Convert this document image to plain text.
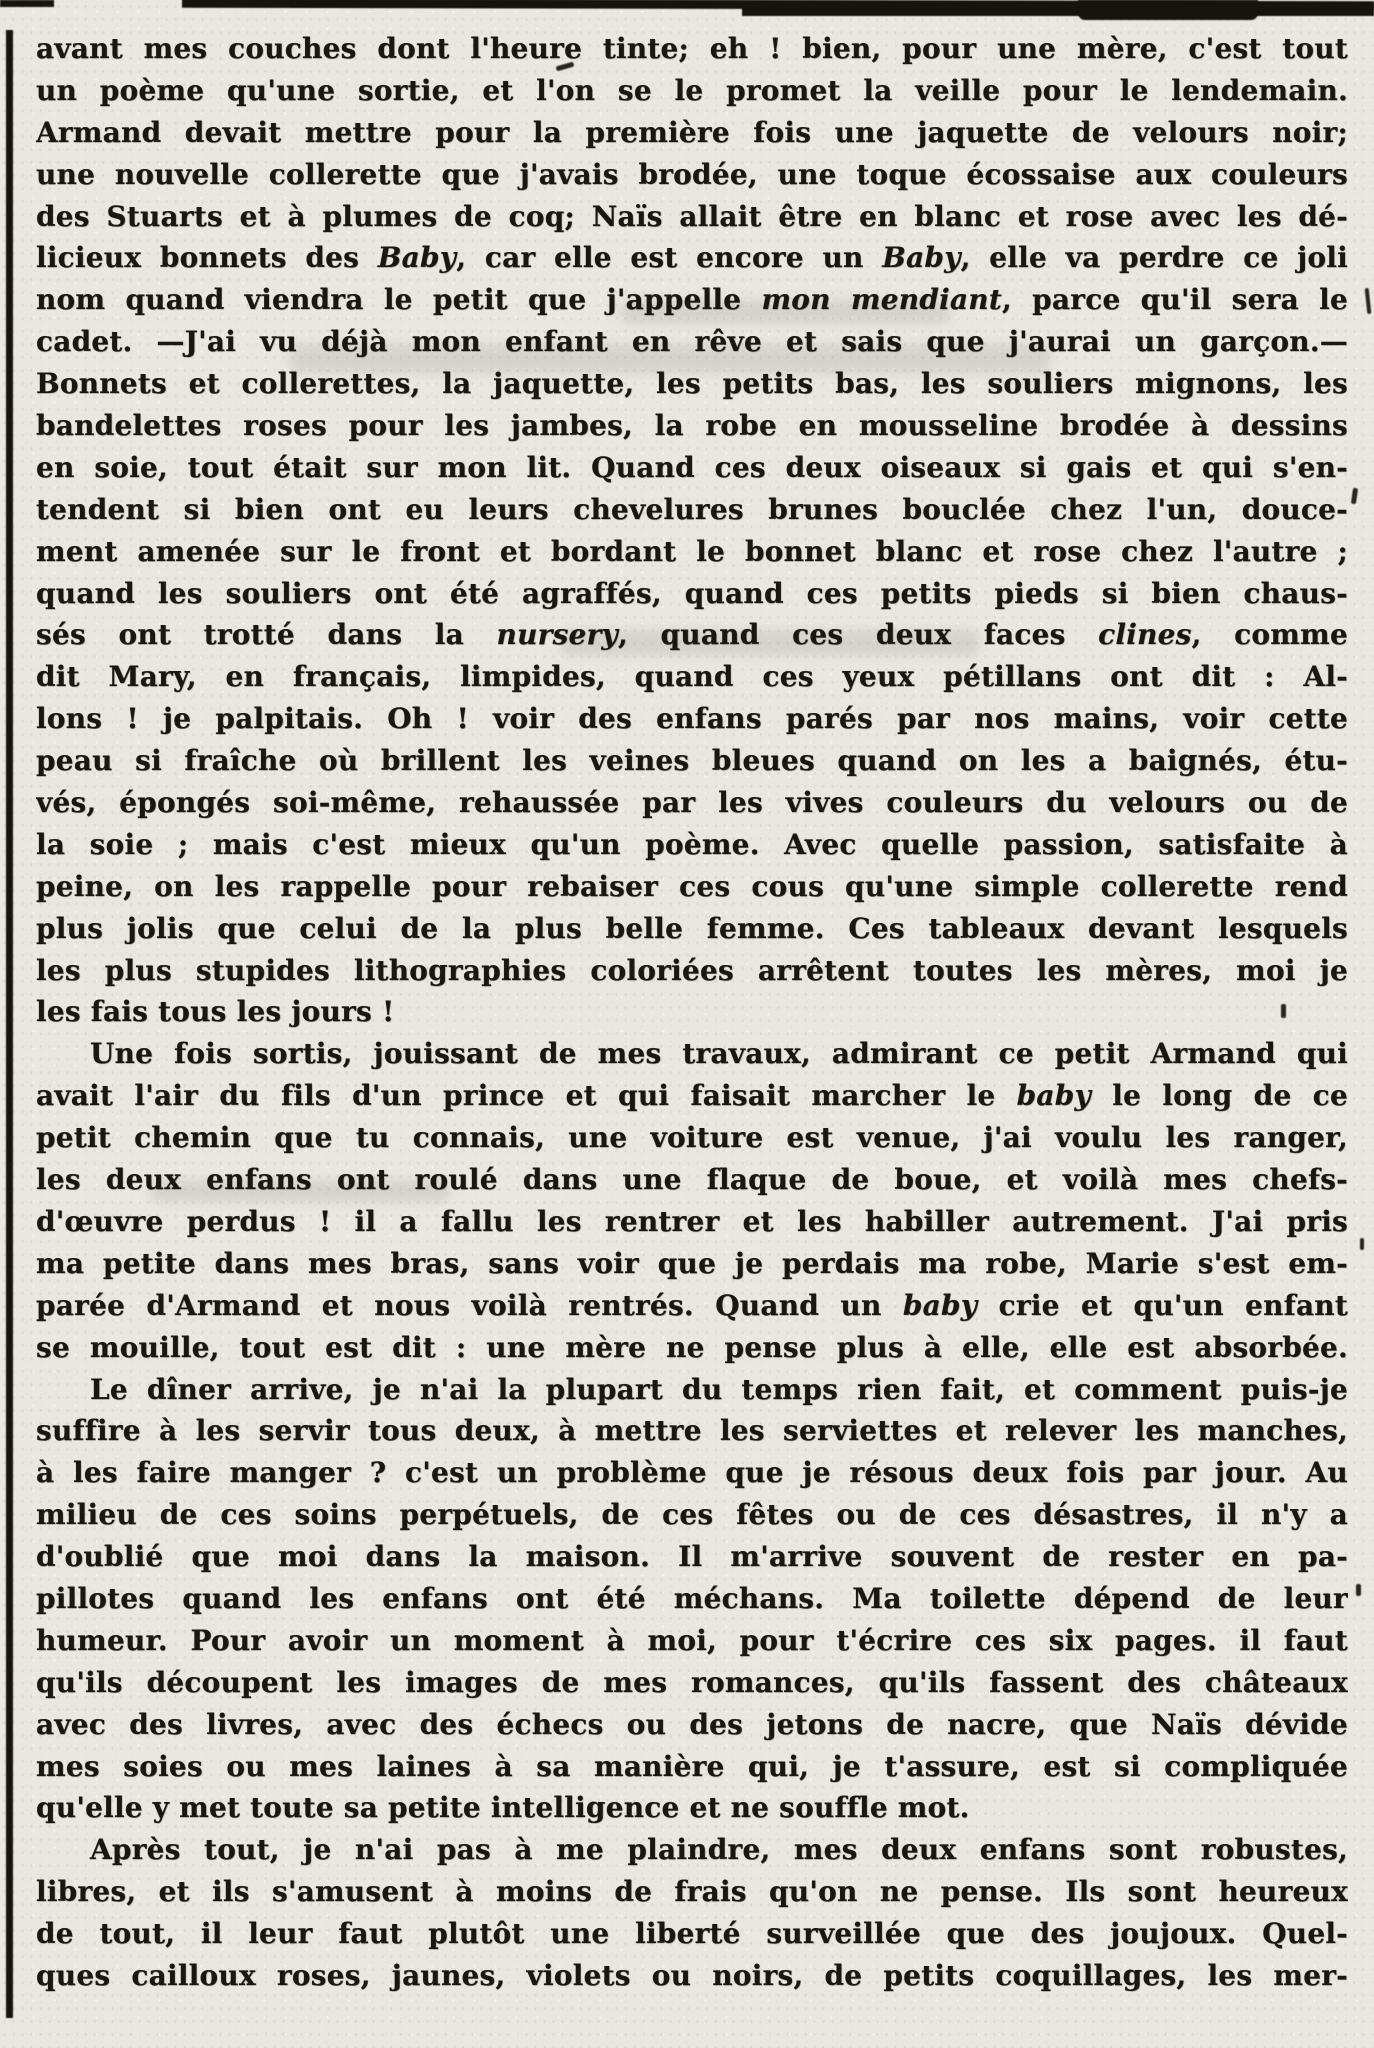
avant mes couches dont l'heure tinte; eh ! bien, pour une mère, c'est tout
un poème qu'une sortie, et l'on se le promet la veille pour le lendemain.
Armand devait mettre pour la première fois une jaquette de velours noir;
une nouvelle collerette que j'avais brodée, une toque écossaise aux couleurs
des Stuarts et à plumes de coq; Naïs allait être en blanc et rose avec les dé-
licieux bonnets des Baby, car elle est encore un Baby, elle va perdre ce joli
nom quand viendra le petit que j'appelle mon mendiant, parce qu'il sera le
cadet. —J'ai vu déjà mon enfant en rêve et sais que j'aurai un garçon.—
Bonnets et collerettes, la jaquette, les petits bas, les souliers mignons, les
bandelettes roses pour les jambes, la robe en mousseline brodée à dessins
en soie, tout était sur mon lit. Quand ces deux oiseaux si gais et qui s'en-
tendent si bien ont eu leurs chevelures brunes bouclée chez l'un, douce-
ment amenée sur le front et bordant le bonnet blanc et rose chez l'autre ;
quand les souliers ont été agraffés, quand ces petits pieds si bien chaus-
sés ont trotté dans la nursery, quand ces deux faces clines, comme
dit Mary, en français, limpides, quand ces yeux pétillans ont dit : Al-
lons ! je palpitais. Oh ! voir des enfans parés par nos mains, voir cette
peau si fraîche où brillent les veines bleues quand on les a baignés, étu-
vés, épongés soi-même, rehaussée par les vives couleurs du velours ou de
la soie ; mais c'est mieux qu'un poème. Avec quelle passion, satisfaite à
peine, on les rappelle pour rebaiser ces cous qu'une simple collerette rend
plus jolis que celui de la plus belle femme. Ces tableaux devant lesquels
les plus stupides lithographies coloriées arrêtent toutes les mères, moi je
les fais tous les jours !
Une fois sortis, jouissant de mes travaux, admirant ce petit Armand qui
avait l'air du fils d'un prince et qui faisait marcher le baby le long de ce
petit chemin que tu connais, une voiture est venue, j'ai voulu les ranger,
les deux enfans ont roulé dans une flaque de boue, et voilà mes chefs-
d'œuvre perdus ! il a fallu les rentrer et les habiller autrement. J'ai pris
ma petite dans mes bras, sans voir que je perdais ma robe, Marie s'est em-
parée d'Armand et nous voilà rentrés. Quand un baby crie et qu'un enfant
se mouille, tout est dit : une mère ne pense plus à elle, elle est absorbée.
Le dîner arrive, je n'ai la plupart du temps rien fait, et comment puis-je
suffire à les servir tous deux, à mettre les serviettes et relever les manches,
à les faire manger ? c'est un problème que je résous deux fois par jour. Au
milieu de ces soins perpétuels, de ces fêtes ou de ces désastres, il n'y a
d'oublié que moi dans la maison. Il m'arrive souvent de rester en pa-
pillotes quand les enfans ont été méchans. Ma toilette dépend de leur
humeur. Pour avoir un moment à moi, pour t'écrire ces six pages. il faut
qu'ils découpent les images de mes romances, qu'ils fassent des châteaux
avec des livres, avec des échecs ou des jetons de nacre, que Naïs dévide
mes soies ou mes laines à sa manière qui, je t'assure, est si compliquée
qu'elle y met toute sa petite intelligence et ne souffle mot.
Après tout, je n'ai pas à me plaindre, mes deux enfans sont robustes,
libres, et ils s'amusent à moins de frais qu'on ne pense. Ils sont heureux
de tout, il leur faut plutôt une liberté surveillée que des joujoux. Quel-
ques cailloux roses, jaunes, violets ou noirs, de petits coquillages, les mer-
